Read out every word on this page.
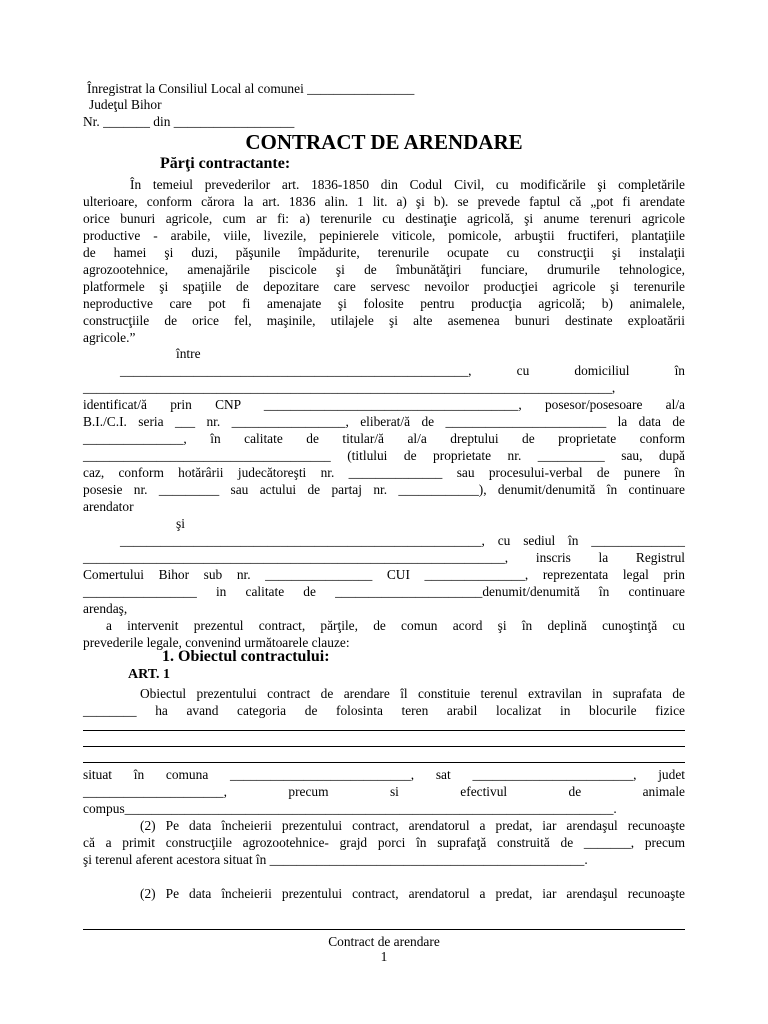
Înregistrat la Consiliul Local al comunei ________________
Judeţul Bihor
Nr. _______ din __________________
CONTRACT DE ARENDARE
Părţi contractante:
În temeiul prevederilor art. 1836-1850 din Codul Civil, cu modificările şi completările
ulterioare, conform cărora la art. 1836 alin. 1 lit. a) şi b). se prevede faptul că „pot fi arendate
orice bunuri agricole, cum ar fi: a) terenurile cu destinaţie agricolă, şi anume terenuri agricole
productive - arabile, viile, livezile, pepinierele viticole, pomicole, arbuştii fructiferi, plantaţiile
de hamei şi duzi, păşunile împădurite, terenurile ocupate cu construcţii şi instalaţii
agrozootehnice, amenajările piscicole şi de îmbunătăţiri funciare, drumurile tehnologice,
platformele şi spaţiile de depozitare care servesc nevoilor producţiei agricole şi terenurile
neproductive care pot fi amenajate şi folosite pentru producţia agricolă; b) animalele,
construcţiile de orice fel, maşinile, utilajele şi alte asemenea bunuri destinate exploatării
agricole.”
între
____________________________________________________, cu domiciliul în
_______________________________________________________________________________,
identificat/ă prin CNP ______________________________________, posesor/posesoare al/a
B.I./C.I. seria ___ nr. _________________, eliberat/ă de ________________________ la data de
_______________, în calitate de titular/ă al/a dreptului de proprietate conform
_____________________________________ (titlului de proprietate nr. __________ sau, după
caz, conform hotărârii judecătoreşti nr. ______________ sau procesului-verbal de punere în
posesie nr. _________ sau actului de partaj nr. ____________), denumit/denumită în continuare
arendator
şi
______________________________________________________, cu sediul în ______________
_______________________________________________________________, inscris la Registrul
Comertului Bihor sub nr. ________________ CUI _______________, reprezentata legal prin
_________________ in calitate de ______________________denumit/denumită în continuare
arendaş,
a intervenit prezentul contract, părţile, de comun acord şi în deplină cunoştinţă cu
prevederile legale, convenind următoarele clauze:
1. Obiectul contractului:
ART. 1
Obiectul prezentului contract de arendare îl constituie terenul extravilan in suprafata de
________ ha avand categoria de folosinta teren arabil localizat in blocurile fizice
situat în comuna ___________________________, sat ________________________, judet
_____________________, precum si efectivul de animale
compus_________________________________________________________________________.
(2) Pe data încheierii prezentului contract, arendatorul a predat, iar arendaşul recunoaşte
că a primit construcţiile agrozootehnice- grajd porci în suprafaţă construită de _______, precum
şi terenul aferent acestora situat în _______________________________________________.
(2) Pe data încheierii prezentului contract, arendatorul a predat, iar arendaşul recunoaşte
Contract de arendare
1
